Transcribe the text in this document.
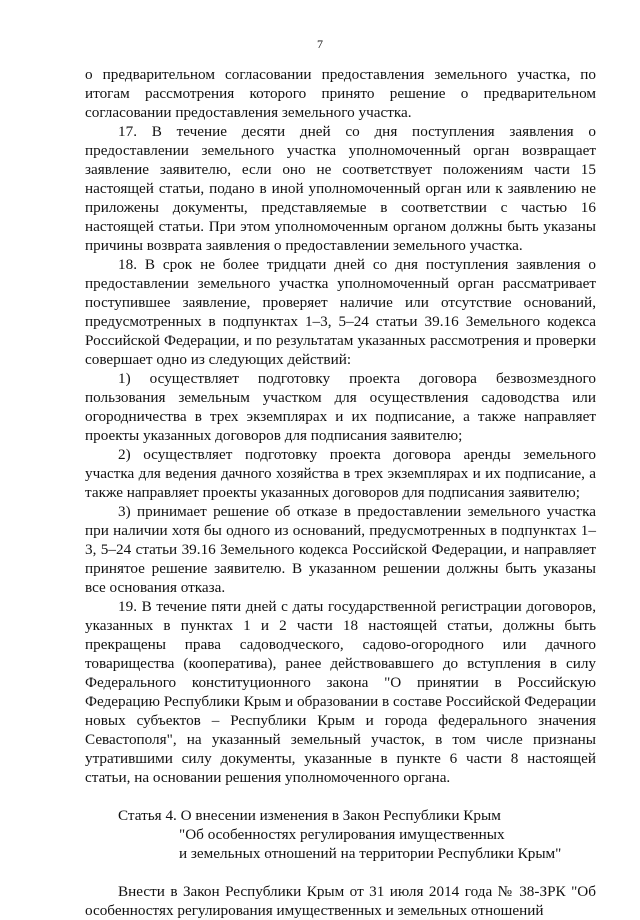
7

о предварительном согласовании предоставления земельного участка, по итогам рассмотрения которого принято решение о предварительном согласовании предоставления земельного участка.

17. В течение десяти дней со дня поступления заявления о предоставлении земельного участка уполномоченный орган возвращает заявление заявителю, если оно не соответствует положениям части 15 настоящей статьи, подано в иной уполномоченный орган или к заявлению не приложены документы, представляемые в соответствии с частью 16 настоящей статьи. При этом уполномоченным органом должны быть указаны причины возврата заявления о предоставлении земельного участка.

18. В срок не более тридцати дней со дня поступления заявления о предоставлении земельного участка уполномоченный орган рассматривает поступившее заявление, проверяет наличие или отсутствие оснований, предусмотренных в подпунктах 1–3, 5–24 статьи 39.16 Земельного кодекса Российской Федерации, и по результатам указанных рассмотрения и проверки совершает одно из следующих действий:

1) осуществляет подготовку проекта договора безвозмездного пользования земельным участком для осуществления садоводства или огородничества в трех экземплярах и их подписание, а также направляет проекты указанных договоров для подписания заявителю;

2) осуществляет подготовку проекта договора аренды земельного участка для ведения дачного хозяйства в трех экземплярах и их подписание, а также направляет проекты указанных договоров для подписания заявителю;

3) принимает решение об отказе в предоставлении земельного участка при наличии хотя бы одного из оснований, предусмотренных в подпунктах 1–3, 5–24 статьи 39.16 Земельного кодекса Российской Федерации, и направляет принятое решение заявителю. В указанном решении должны быть указаны все основания отказа.

19. В течение пяти дней с даты государственной регистрации договоров, указанных в пунктах 1 и 2 части 18 настоящей статьи, должны быть прекращены права садоводческого, садово-огородного или дачного товарищества (кооператива), ранее действовавшего до вступления в силу Федерального конституционного закона "О принятии в Российскую Федерацию Республики Крым и образовании в составе Российской Федерации новых субъектов – Республики Крым и города федерального значения Севастополя", на указанный земельный участок, в том числе признаны утратившими силу документы, указанные в пункте 6 части 8 настоящей статьи, на основании решения уполномоченного органа.

Статья 4. О внесении изменения в Закон Республики Крым
"Об особенностях регулирования имущественных
и земельных отношений на территории Республики Крым"

Внести в Закон Республики Крым от 31 июля 2014 года № 38-ЗРК "Об особенностях регулирования имущественных и земельных отношений
